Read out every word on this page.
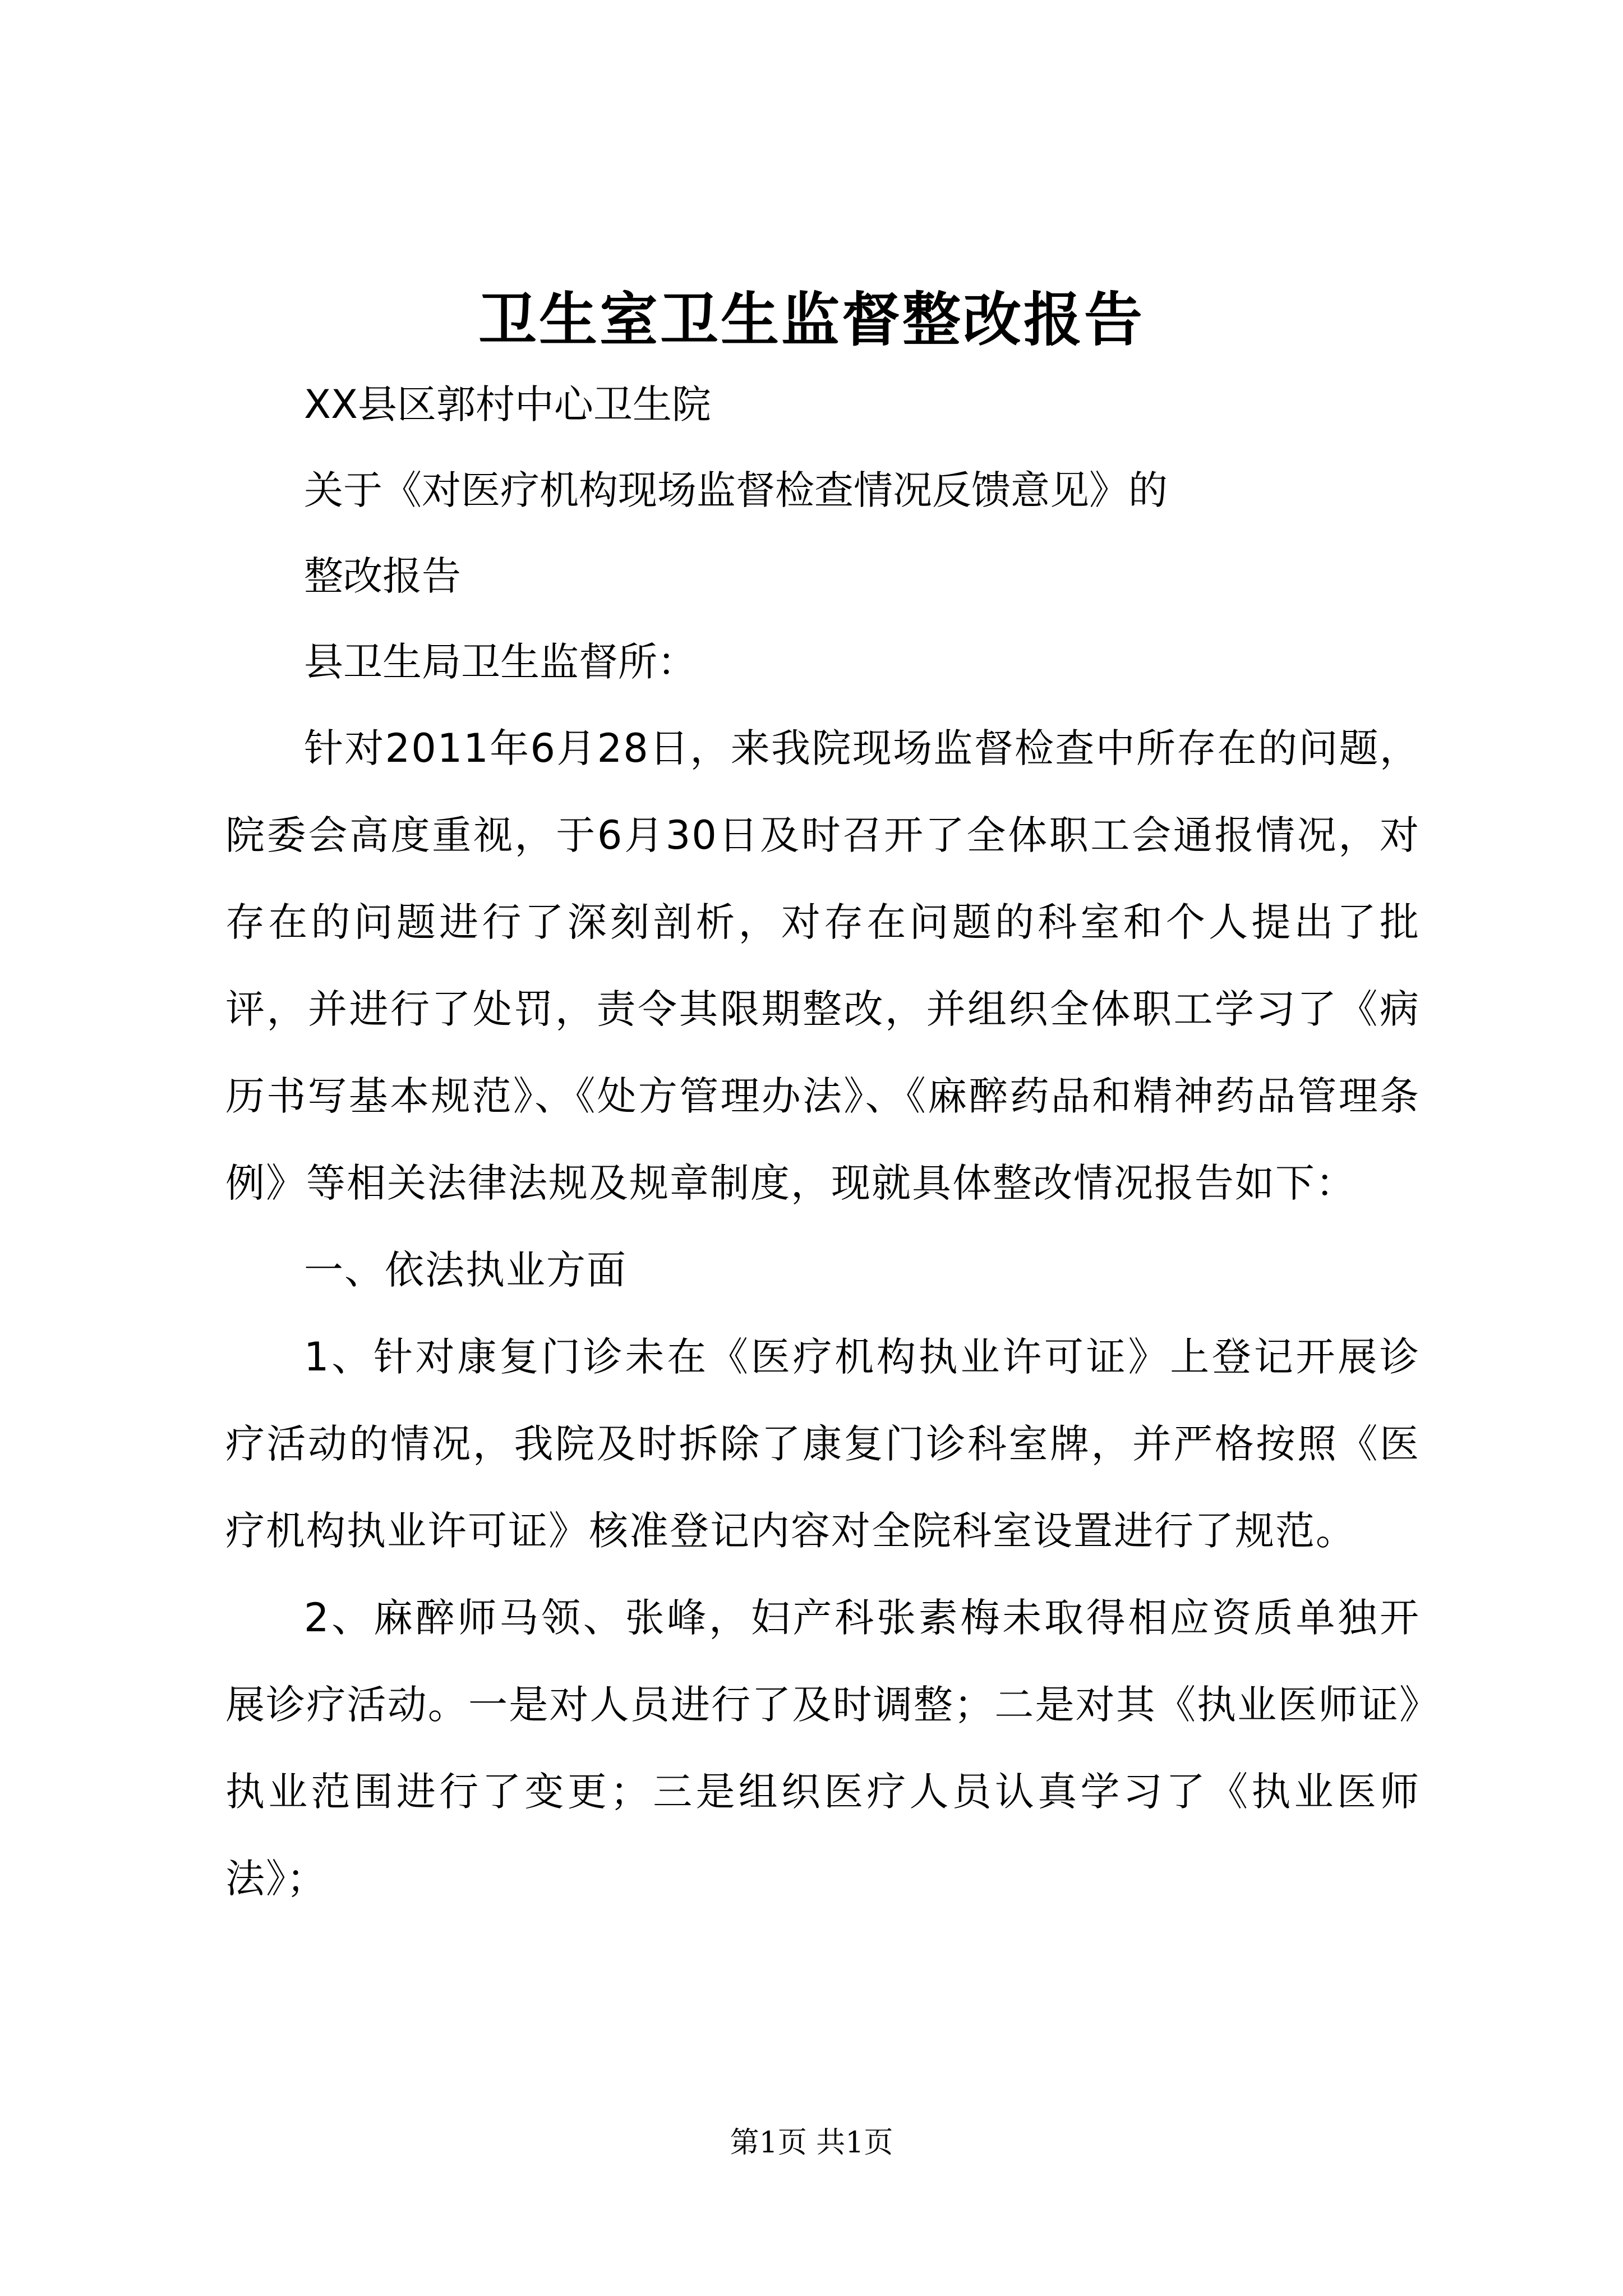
卫生室卫生监督整改报告

XX县区郭村中心卫生院

关于《对医疗机构现场监督检查情况反馈意见》的

整改报告

县卫生局卫生监督所：

针对2011年6月28日，来我院现场监督检查中所存在的问题，院委会高度重视，于6月30日及时召开了全体职工会通报情况，对存在的问题进行了深刻剖析，对存在问题的科室和个人提出了批评，并进行了处罚，责令其限期整改，并组织全体职工学习了《病历书写基本规范》、《处方管理办法》、《麻醉药品和精神药品管理条例》等相关法律法规及规章制度，现就具体整改情况报告如下：

一、依法执业方面

1、针对康复门诊未在《医疗机构执业许可证》上登记开展诊疗活动的情况，我院及时拆除了康复门诊科室牌，并严格按照《医疗机构执业许可证》核准登记内容对全院科室设置进行了规范。

2、麻醉师马领、张峰，妇产科张素梅未取得相应资质单独开展诊疗活动。一是对人员进行了及时调整；二是对其《执业医师证》执业范围进行了变更；三是组织医疗人员认真学习了《执业医师法》；

第1页 共1页
